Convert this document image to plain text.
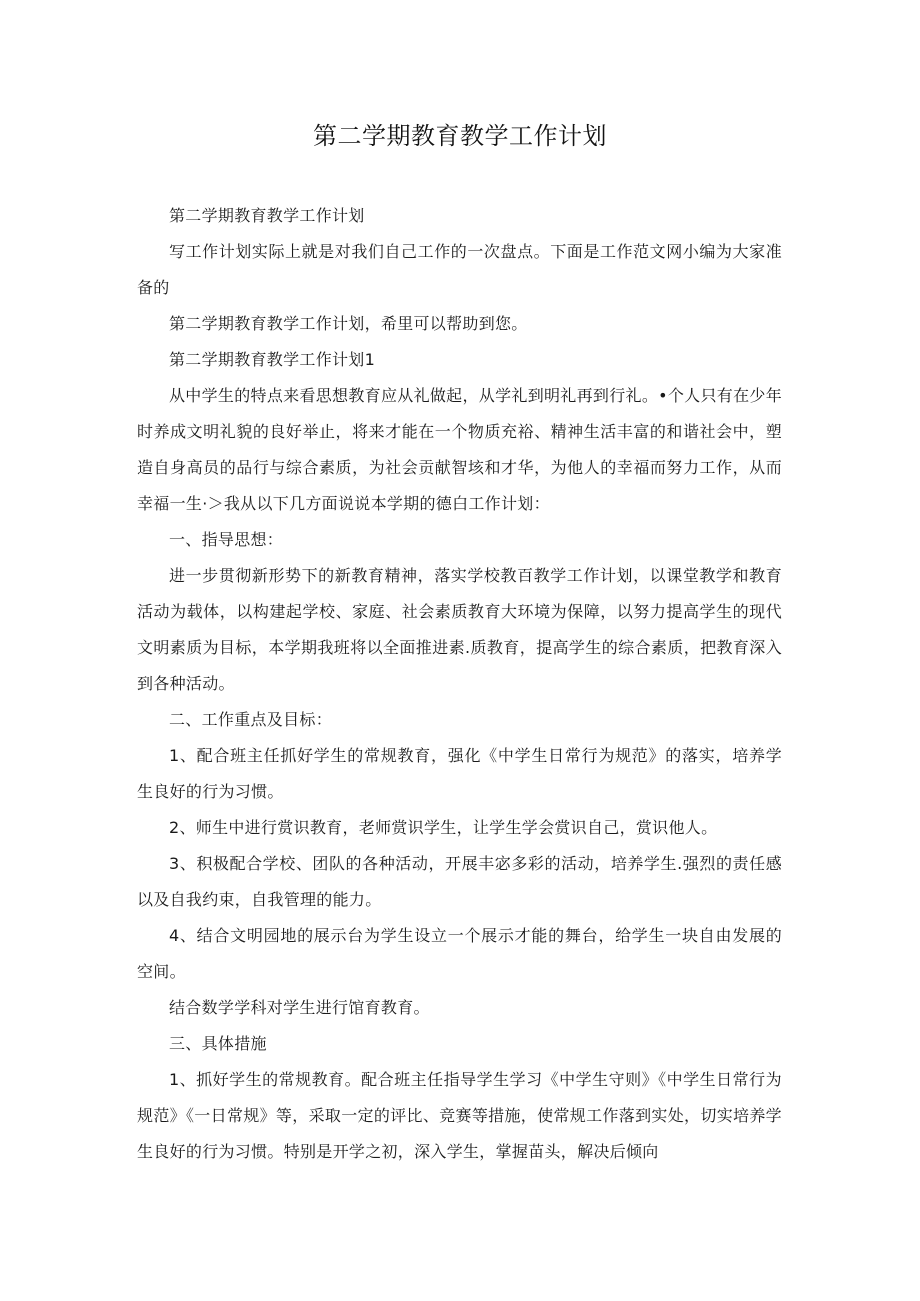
第二学期教育教学工作计划

第二学期教育教学工作计划

写工作计划实际上就是对我们自己工作的一次盘点。下面是工作范文网小编为大家准备的

第二学期教育教学工作计划，希里可以帮助到您。

第二学期教育教学工作计划1

从中学生的特点来看思想教育应从礼做起，从学礼到明礼再到行礼。•个人只有在少年时养成文明礼貌的良好举止，将来才能在一个物质充裕、精神生活丰富的和谐社会中，塑造自身高员的品行与综合素质，为社会贡献智垓和才华，为他人的幸福而努力工作，从而幸福一生·＞我从以下几方面说说本学期的德白工作计划：

一、指导思想：

进一步贯彻新形势下的新教育精神，落实学校教百教学工作计划，以课堂教学和教育活动为载体，以构建起学校、家庭、社会素质教育大环境为保障，以努力提高学生的现代文明素质为目标，本学期我班将以全面推进素.质教育，提高学生的综合素质，把教育深入到各种活动。

二、工作重点及目标：

1、配合班主任抓好学生的常规教育，强化《中学生日常行为规范》的落实，培养学生良好的行为习惯。

2、师生中进行赏识教育，老师赏识学生，让学生学会赏识自己，赏识他人。

3、积极配合学校、团队的各种活动，开展丰宓多彩的活动，培养学生.强烈的责任感以及自我约束，自我管理的能力。

4、结合文明园地的展示台为学生设立一个展示才能的舞台，给学生一块自由发展的空间。

结合数学学科对学生进行馆育教育。

三、具体措施

1、抓好学生的常规教育。配合班主任指导学生学习《中学生守则》《中学生日常行为规范》《一日常规》等，采取一定的评比、竞赛等措施，使常规工作落到实处，切实培养学生良好的行为习惯。特别是开学之初，深入学生，掌握苗头，解决后倾向
